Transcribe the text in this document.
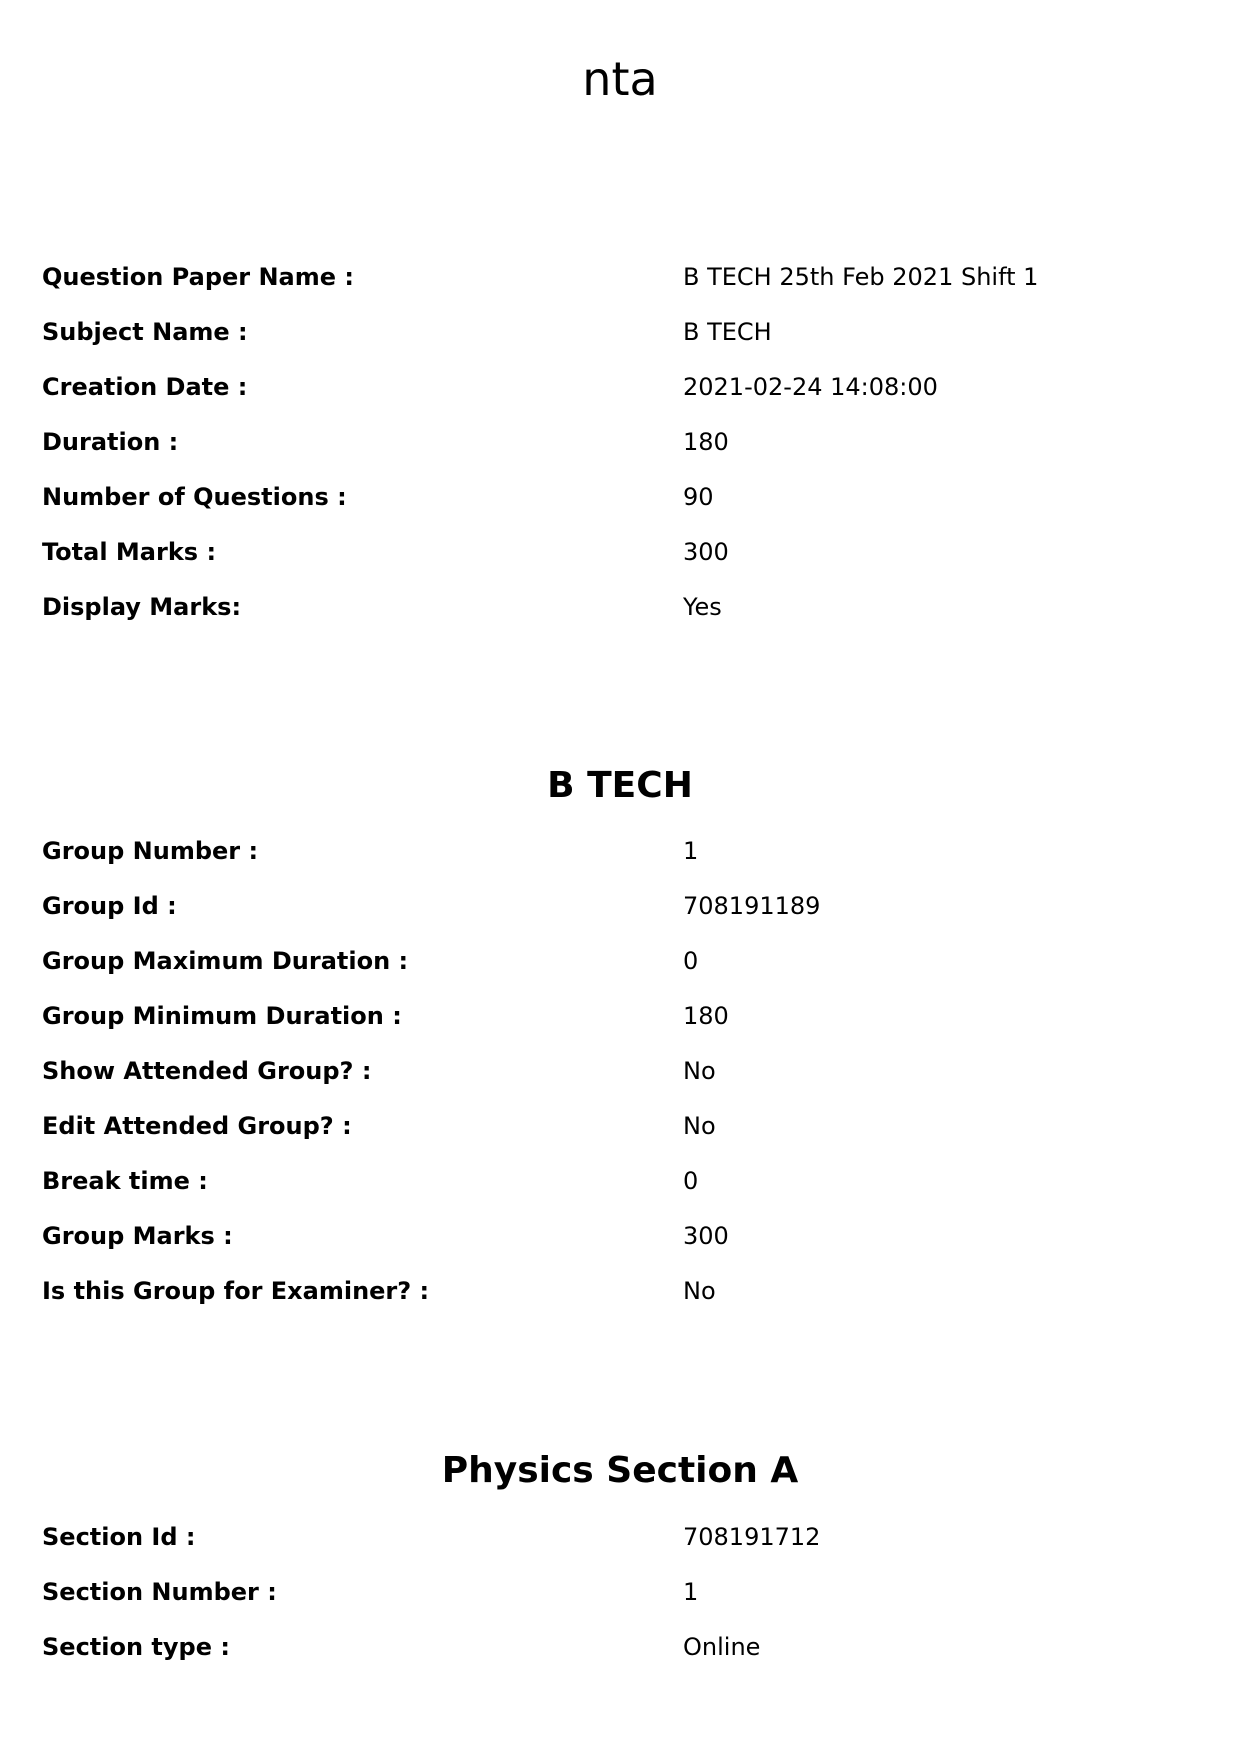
nta
Question Paper Name :	B TECH 25th Feb 2021 Shift 1
Subject Name :	B TECH
Creation Date :	2021-02-24 14:08:00
Duration :	180
Number of Questions :	90
Total Marks :	300
Display Marks:	Yes
B TECH
Group Number :	1
Group Id :	708191189
Group Maximum Duration :	0
Group Minimum Duration :	180
Show Attended Group? :	No
Edit Attended Group? :	No
Break time :	0
Group Marks :	300
Is this Group for Examiner? :	No
Physics Section A
Section Id :	708191712
Section Number :	1
Section type :	Online
